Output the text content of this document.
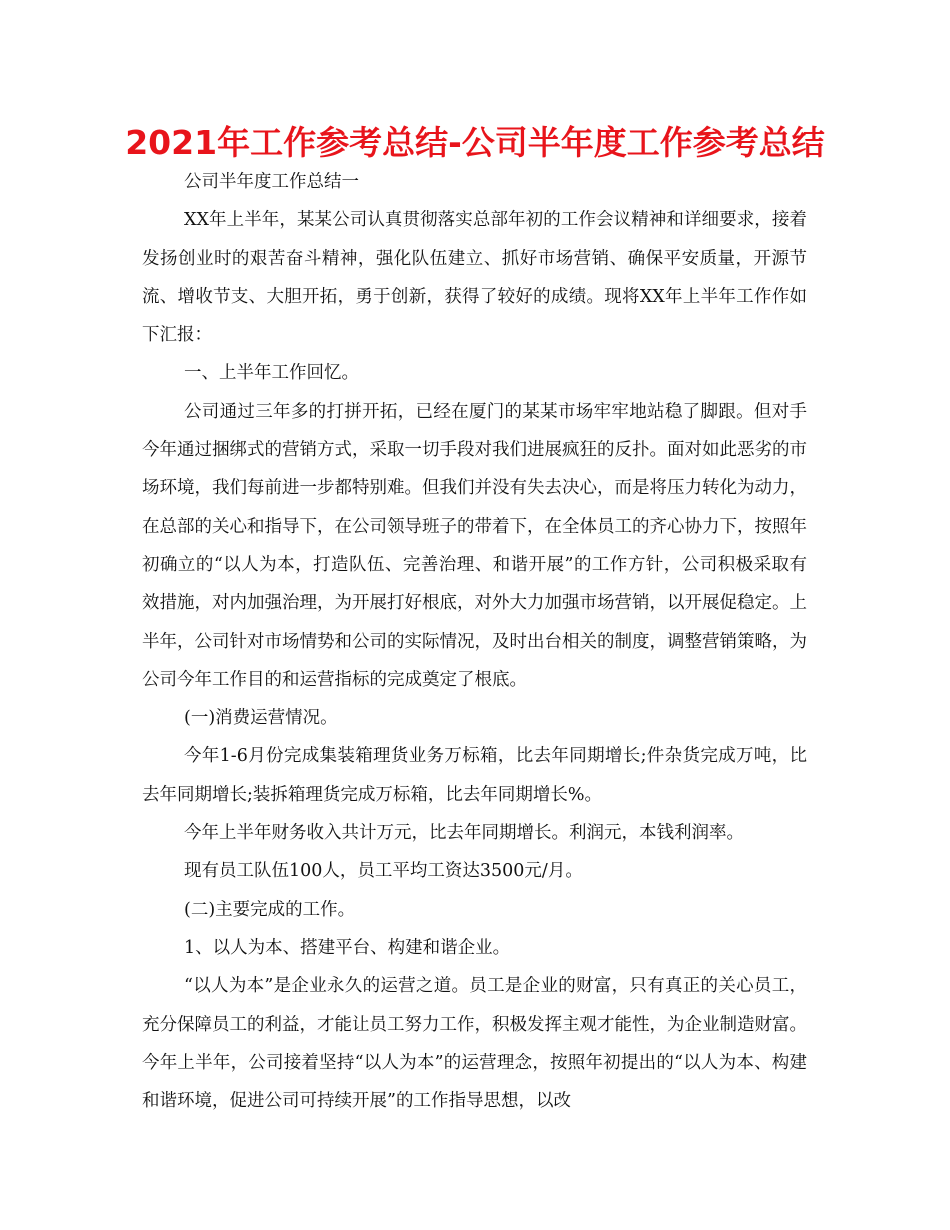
2021年工作参考总结-公司半年度工作参考总结

公司半年度工作总结一

XX年上半年，某某公司认真贯彻落实总部年初的工作会议精神和详细要求，接着发扬创业时的艰苦奋斗精神，强化队伍建立、抓好市场营销、确保平安质量，开源节流、增收节支、大胆开拓，勇于创新，获得了较好的成绩。现将XX年上半年工作作如下汇报：

一、上半年工作回忆。

公司通过三年多的打拼开拓，已经在厦门的某某市场牢牢地站稳了脚跟。但对手今年通过捆绑式的营销方式，采取一切手段对我们进展疯狂的反扑。面对如此恶劣的市场环境，我们每前进一步都特别难。但我们并没有失去决心，而是将压力转化为动力，在总部的关心和指导下，在公司领导班子的带着下，在全体员工的齐心协力下，按照年初确立的“以人为本，打造队伍、完善治理、和谐开展”的工作方针，公司积极采取有效措施，对内加强治理，为开展打好根底，对外大力加强市场营销，以开展促稳定。上半年，公司针对市场情势和公司的实际情况，及时出台相关的制度，调整营销策略，为公司今年工作目的和运营指标的完成奠定了根底。

(一)消费运营情况。

今年1-6月份完成集装箱理货业务万标箱，比去年同期增长;件杂货完成万吨，比去年同期增长;装拆箱理货完成万标箱，比去年同期增长%。

今年上半年财务收入共计万元，比去年同期增长。利润元，本钱利润率。

现有员工队伍100人，员工平均工资达3500元/月。

(二)主要完成的工作。

1、以人为本、搭建平台、构建和谐企业。

“以人为本”是企业永久的运营之道。员工是企业的财富，只有真正的关心员工，充分保障员工的利益，才能让员工努力工作，积极发挥主观才能性，为企业制造财富。今年上半年，公司接着坚持“以人为本”的运营理念，按照年初提出的“以人为本、构建和谐环境，促进公司可持续开展”的工作指导思想，以改
